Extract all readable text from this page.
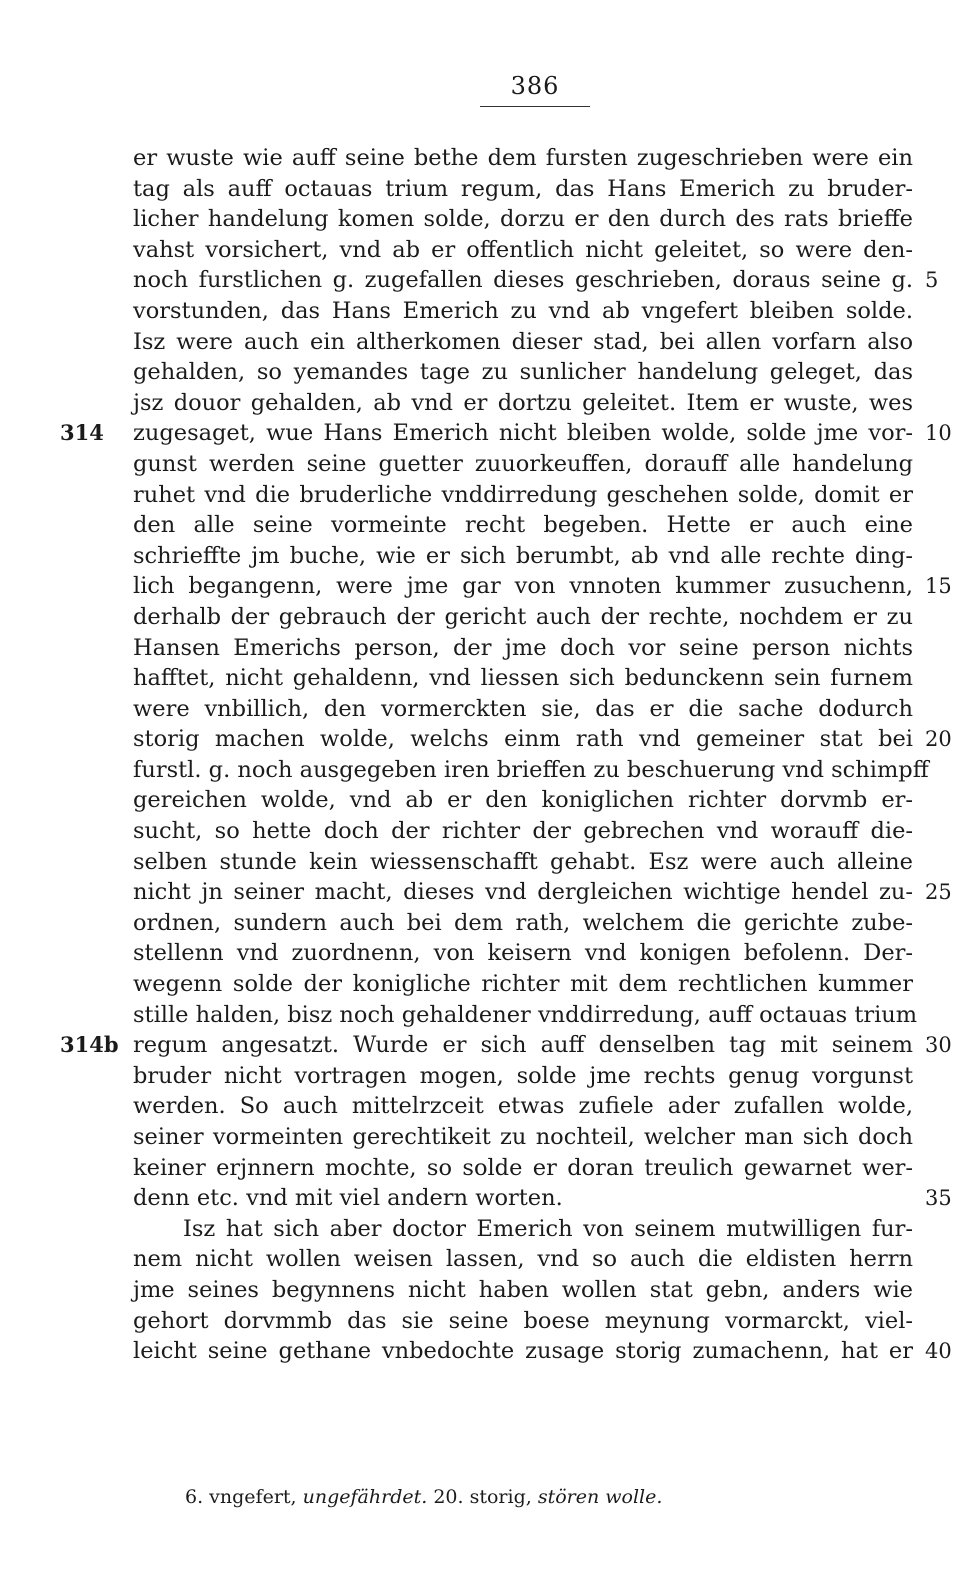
386
er wuste wie auff seine bethe dem fursten zugeschrieben were ein
tag als auff octauas trium regum, das Hans Emerich zu bruder-
licher handelung komen solde, dorzu er den durch des rats brieffe
vahst vorsichert, vnd ab er offentlich nicht geleitet, so were den-
noch furstlichen g. zugefallen dieses geschrieben, doraus seine g. 5
vorstunden, das Hans Emerich zu vnd ab vngefert bleiben solde.
Isz were auch ein altherkomen dieser stad, bei allen vorfarn also
gehalden, so yemandes tage zu sunlicher handelung geleget, das
jsz douor gehalden, ab vnd er dortzu geleitet. Item er wuste, wes
zugesaget, wue Hans Emerich nicht bleiben wolde, solde jme vor- 10
314
gunst werden seine guetter zuuorkeuffen, dorauff alle handelung
ruhet vnd die bruderliche vnddirredung geschehen solde, domit er
den alle seine vormeinte recht begeben. Hette er auch eine
schrieffte jm buche, wie er sich berumbt, ab vnd alle rechte ding-
lich begangenn, were jme gar von vnnoten kummer zusuchenn, 15
derhalb der gebrauch der gericht auch der rechte, nochdem er zu
Hansen Emerichs person, der jme doch vor seine person nichts
hafftet, nicht gehaldenn, vnd liessen sich bedunckenn sein furnem
were vnbillich, den vormerckten sie, das er die sache dodurch
storig machen wolde, welchs einm rath vnd gemeiner stat bei 20
furstl. g. noch ausgegeben iren brieffen zu beschuerung vnd schimpff
gereichen wolde, vnd ab er den koniglichen richter dorvmb er-
sucht, so hette doch der richter der gebrechen vnd worauff die-
selben stunde kein wiessenschafft gehabt. Esz were auch alleine
nicht jn seiner macht, dieses vnd dergleichen wichtige hendel zu- 25
ordnen, sundern auch bei dem rath, welchem die gerichte zube-
stellenn vnd zuordnenn, von keisern vnd konigen befolenn. Der-
wegenn solde der konigliche richter mit dem rechtlichen kummer
stille halden, bisz noch gehaldener vnddirredung, auff octauas trium
regum angesatzt. Wurde er sich auff denselben tag mit seinem 30
314b
bruder nicht vortragen mogen, solde jme rechts genug vorgunst
werden. So auch mittelrzceit etwas zufiele ader zufallen wolde,
seiner vormeinten gerechtikeit zu nochteil, welcher man sich doch
keiner erjnnern mochte, so solde er doran treulich gewarnet wer-
denn etc. vnd mit viel andern worten.	35
Isz hat sich aber doctor Emerich von seinem mutwilligen fur-
nem nicht wollen weisen lassen, vnd so auch die eldisten herrn
jme seines begynnens nicht haben wollen stat gebn, anders wie
gehort dorvmmb das sie seine boese meynung vormarckt, viel-
leicht seine gethane vnbedochte zusage storig zumachenn, hat er 40
6. vngefert, ungefährdet. 20. storig, stören wolle.
